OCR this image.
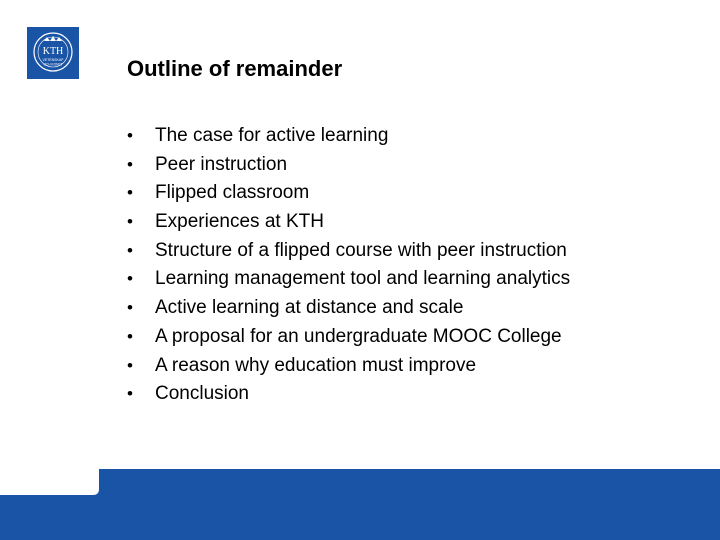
KTH
VETENSKAP
OCH KONST	Outline of remainder
• The case for active learning
• Peer instruction
• Flipped classroom
• Experiences at KTH
• Structure of a flipped course with peer instruction
• Learning management tool and learning analytics
• Active learning at distance and scale
• A proposal for an undergraduate MOOC College
• A reason why education must improve
• Conclusion
